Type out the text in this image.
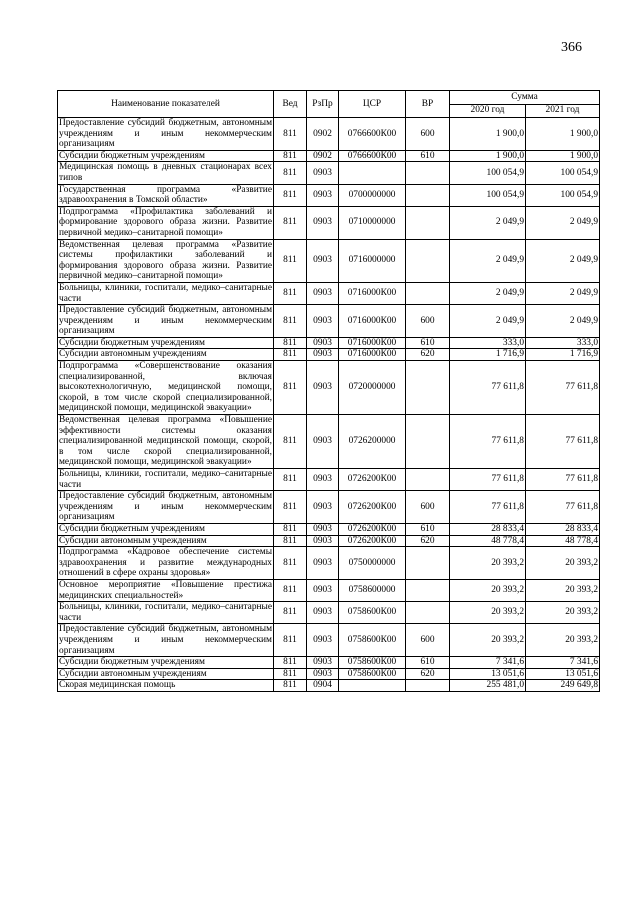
366
Наименование показателей	Вед	РзПр	ЦСР	ВР	Сумма	
					2020 год	2021 год
Предоставление субсидий бюджетным, автономным учреждениям и иным некоммерческим организациям	811	0902	0766600К00	600	1 900,0	1 900,0
Субсидии бюджетным учреждениям	811	0902	0766600К00	610	1 900,0	1 900,0
Медицинская помощь в дневных стационарах всех типов	811	0903			100 054,9	100 054,9
Государственная программа «Развитие здравоохранения в Томской области»	811	0903	0700000000		100 054,9	100 054,9
Подпрограмма «Профилактика заболеваний и формирование здорового образа жизни. Развитие первичной медико–санитарной помощи»	811	0903	0710000000		2 049,9	2 049,9
Ведомственная целевая программа «Развитие системы профилактики заболеваний и формирования здорового образа жизни. Развитие первичной медико–санитарной помощи»	811	0903	0716000000		2 049,9	2 049,9
Больницы, клиники, госпитали, медико–санитарные части	811	0903	0716000К00		2 049,9	2 049,9
Предоставление субсидий бюджетным, автономным учреждениям и иным некоммерческим организациям	811	0903	0716000К00	600	2 049,9	2 049,9
Субсидии бюджетным учреждениям	811	0903	0716000К00	610	333,0	333,0
Субсидии автономным учреждениям	811	0903	0716000К00	620	1 716,9	1 716,9
Подпрограмма «Совершенствование оказания специализированной, включая высокотехнологичную, медицинской помощи, скорой, в том числе скорой специализированной, медицинской помощи, медицинской эвакуации»	811	0903	0720000000		77 611,8	77 611,8
Ведомственная целевая программа «Повышение эффективности системы оказания специализированной медицинской помощи, скорой, в том числе скорой специализированной, медицинской помощи, медицинской эвакуации»	811	0903	0726200000		77 611,8	77 611,8
Больницы, клиники, госпитали, медико–санитарные части	811	0903	0726200К00		77 611,8	77 611,8
Предоставление субсидий бюджетным, автономным учреждениям и иным некоммерческим организациям	811	0903	0726200К00	600	77 611,8	77 611,8
Субсидии бюджетным учреждениям	811	0903	0726200К00	610	28 833,4	28 833,4
Субсидии автономным учреждениям	811	0903	0726200К00	620	48 778,4	48 778,4
Подпрограмма «Кадровое обеспечение системы здравоохранения и развитие международных отношений в сфере охраны здоровья»	811	0903	0750000000		20 393,2	20 393,2
Основное мероприятие «Повышение престижа медицинских специальностей»	811	0903	0758600000		20 393,2	20 393,2
Больницы, клиники, госпитали, медико–санитарные части	811	0903	0758600К00		20 393,2	20 393,2
Предоставление субсидий бюджетным, автономным учреждениям и иным некоммерческим организациям	811	0903	0758600К00	600	20 393,2	20 393,2
Субсидии бюджетным учреждениям	811	0903	0758600К00	610	7 341,6	7 341,6
Субсидии автономным учреждениям	811	0903	0758600К00	620	13 051,6	13 051,6
Скорая медицинская помощь	811	0904			255 481,0	249 649,8
